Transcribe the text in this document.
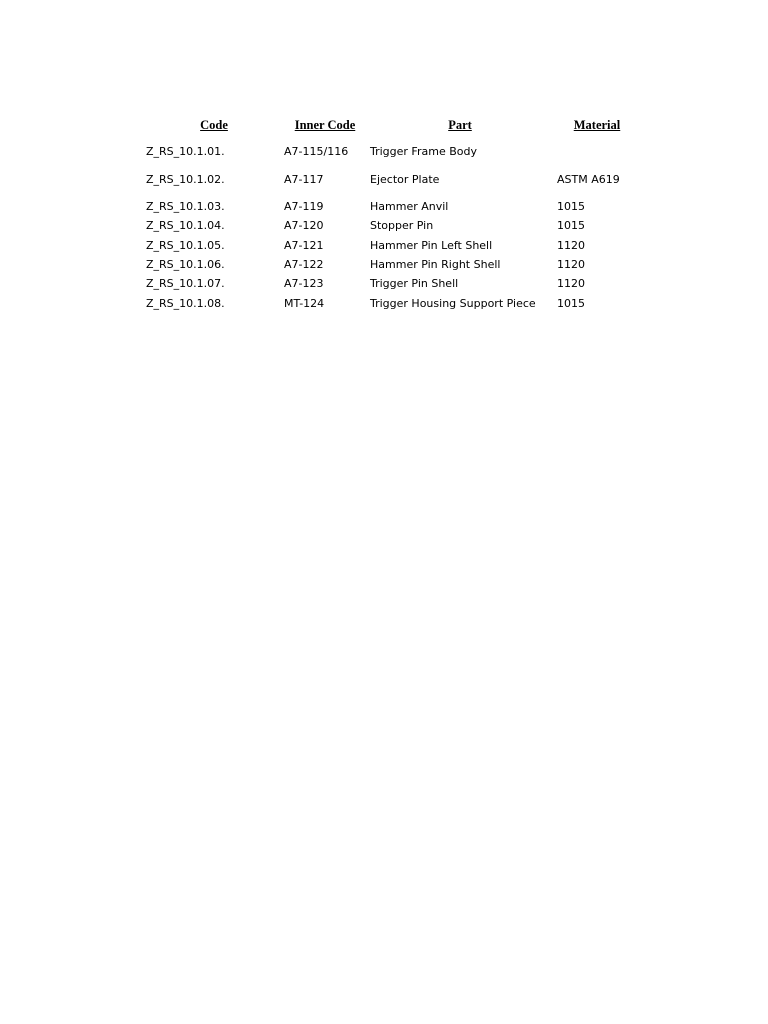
Code	Inner Code	Part	Material
Z_RS_10.1.01.	A7-115/116 Trigger Frame Body
Z_RS_10.1.02.	A7-117	Ejector Plate	ASTM A619
Z_RS_10.1.03.	A7-119	Hammer Anvil	1015
Z_RS_10.1.04.	A7-120	Stopper Pin	1015
Z_RS_10.1.05.	A7-121	Hammer Pin Left Shell	1120
Z_RS_10.1.06.	A7-122	Hammer Pin Right Shell	1120
Z_RS_10.1.07.	A7-123	Trigger Pin Shell	1120
Z_RS_10.1.08.	MT-124	Trigger Housing Support Piece 1015
